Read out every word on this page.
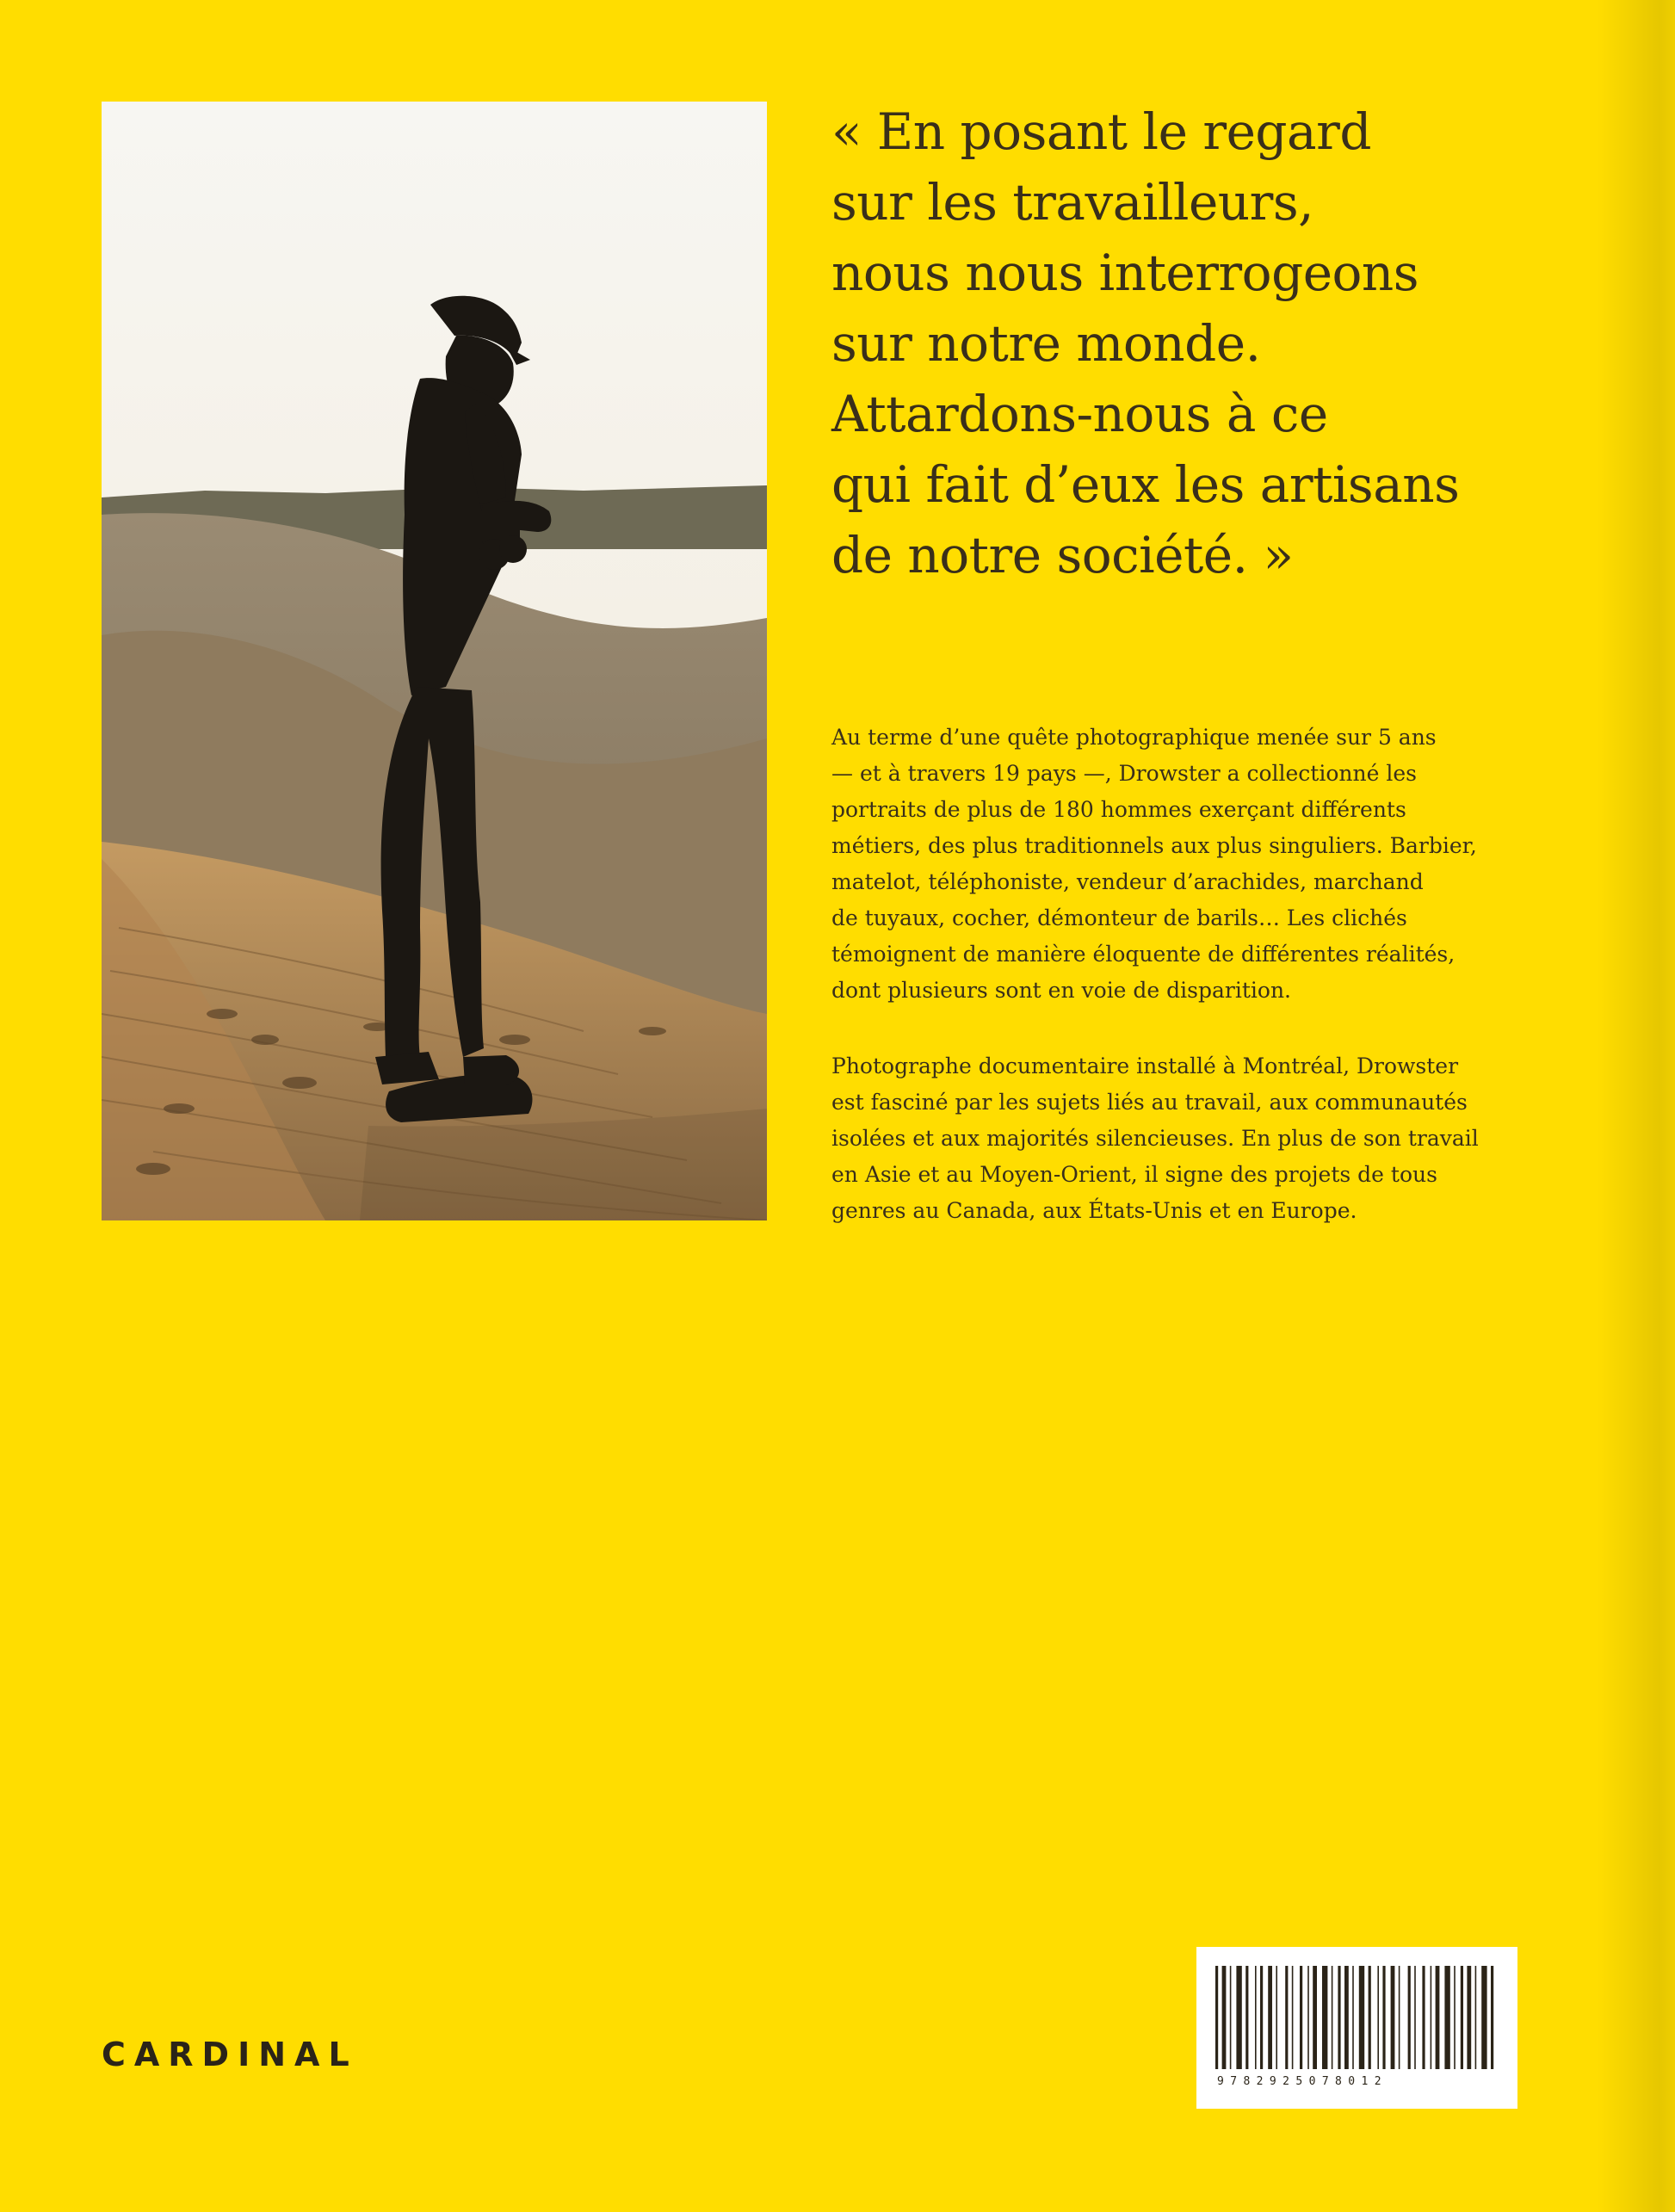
« En posant le regard
sur les travailleurs,
nous nous interrogeons
sur notre monde.
Attardons-nous à ce
qui fait d’eux les artisans
de notre société. »
Au terme d’une quête photographique menée sur 5 ans
— et à travers 19 pays —, Drowster a collectionné les
portraits de plus de 180 hommes exerçant différents
métiers, des plus traditionnels aux plus singuliers. Barbier,
matelot, téléphoniste, vendeur d’arachides, marchand
de tuyaux, cocher, démonteur de barils… Les clichés
témoignent de manière éloquente de différentes réalités,
dont plusieurs sont en voie de disparition.
Photographe documentaire installé à Montréal, Drowster
est fasciné par les sujets liés au travail, aux communautés
isolées et aux majorités silencieuses. En plus de son travail
en Asie et au Moyen-Orient, il signe des projets de tous
genres au Canada, aux États-Unis et en Europe.
CARDINAL
9782925078012
